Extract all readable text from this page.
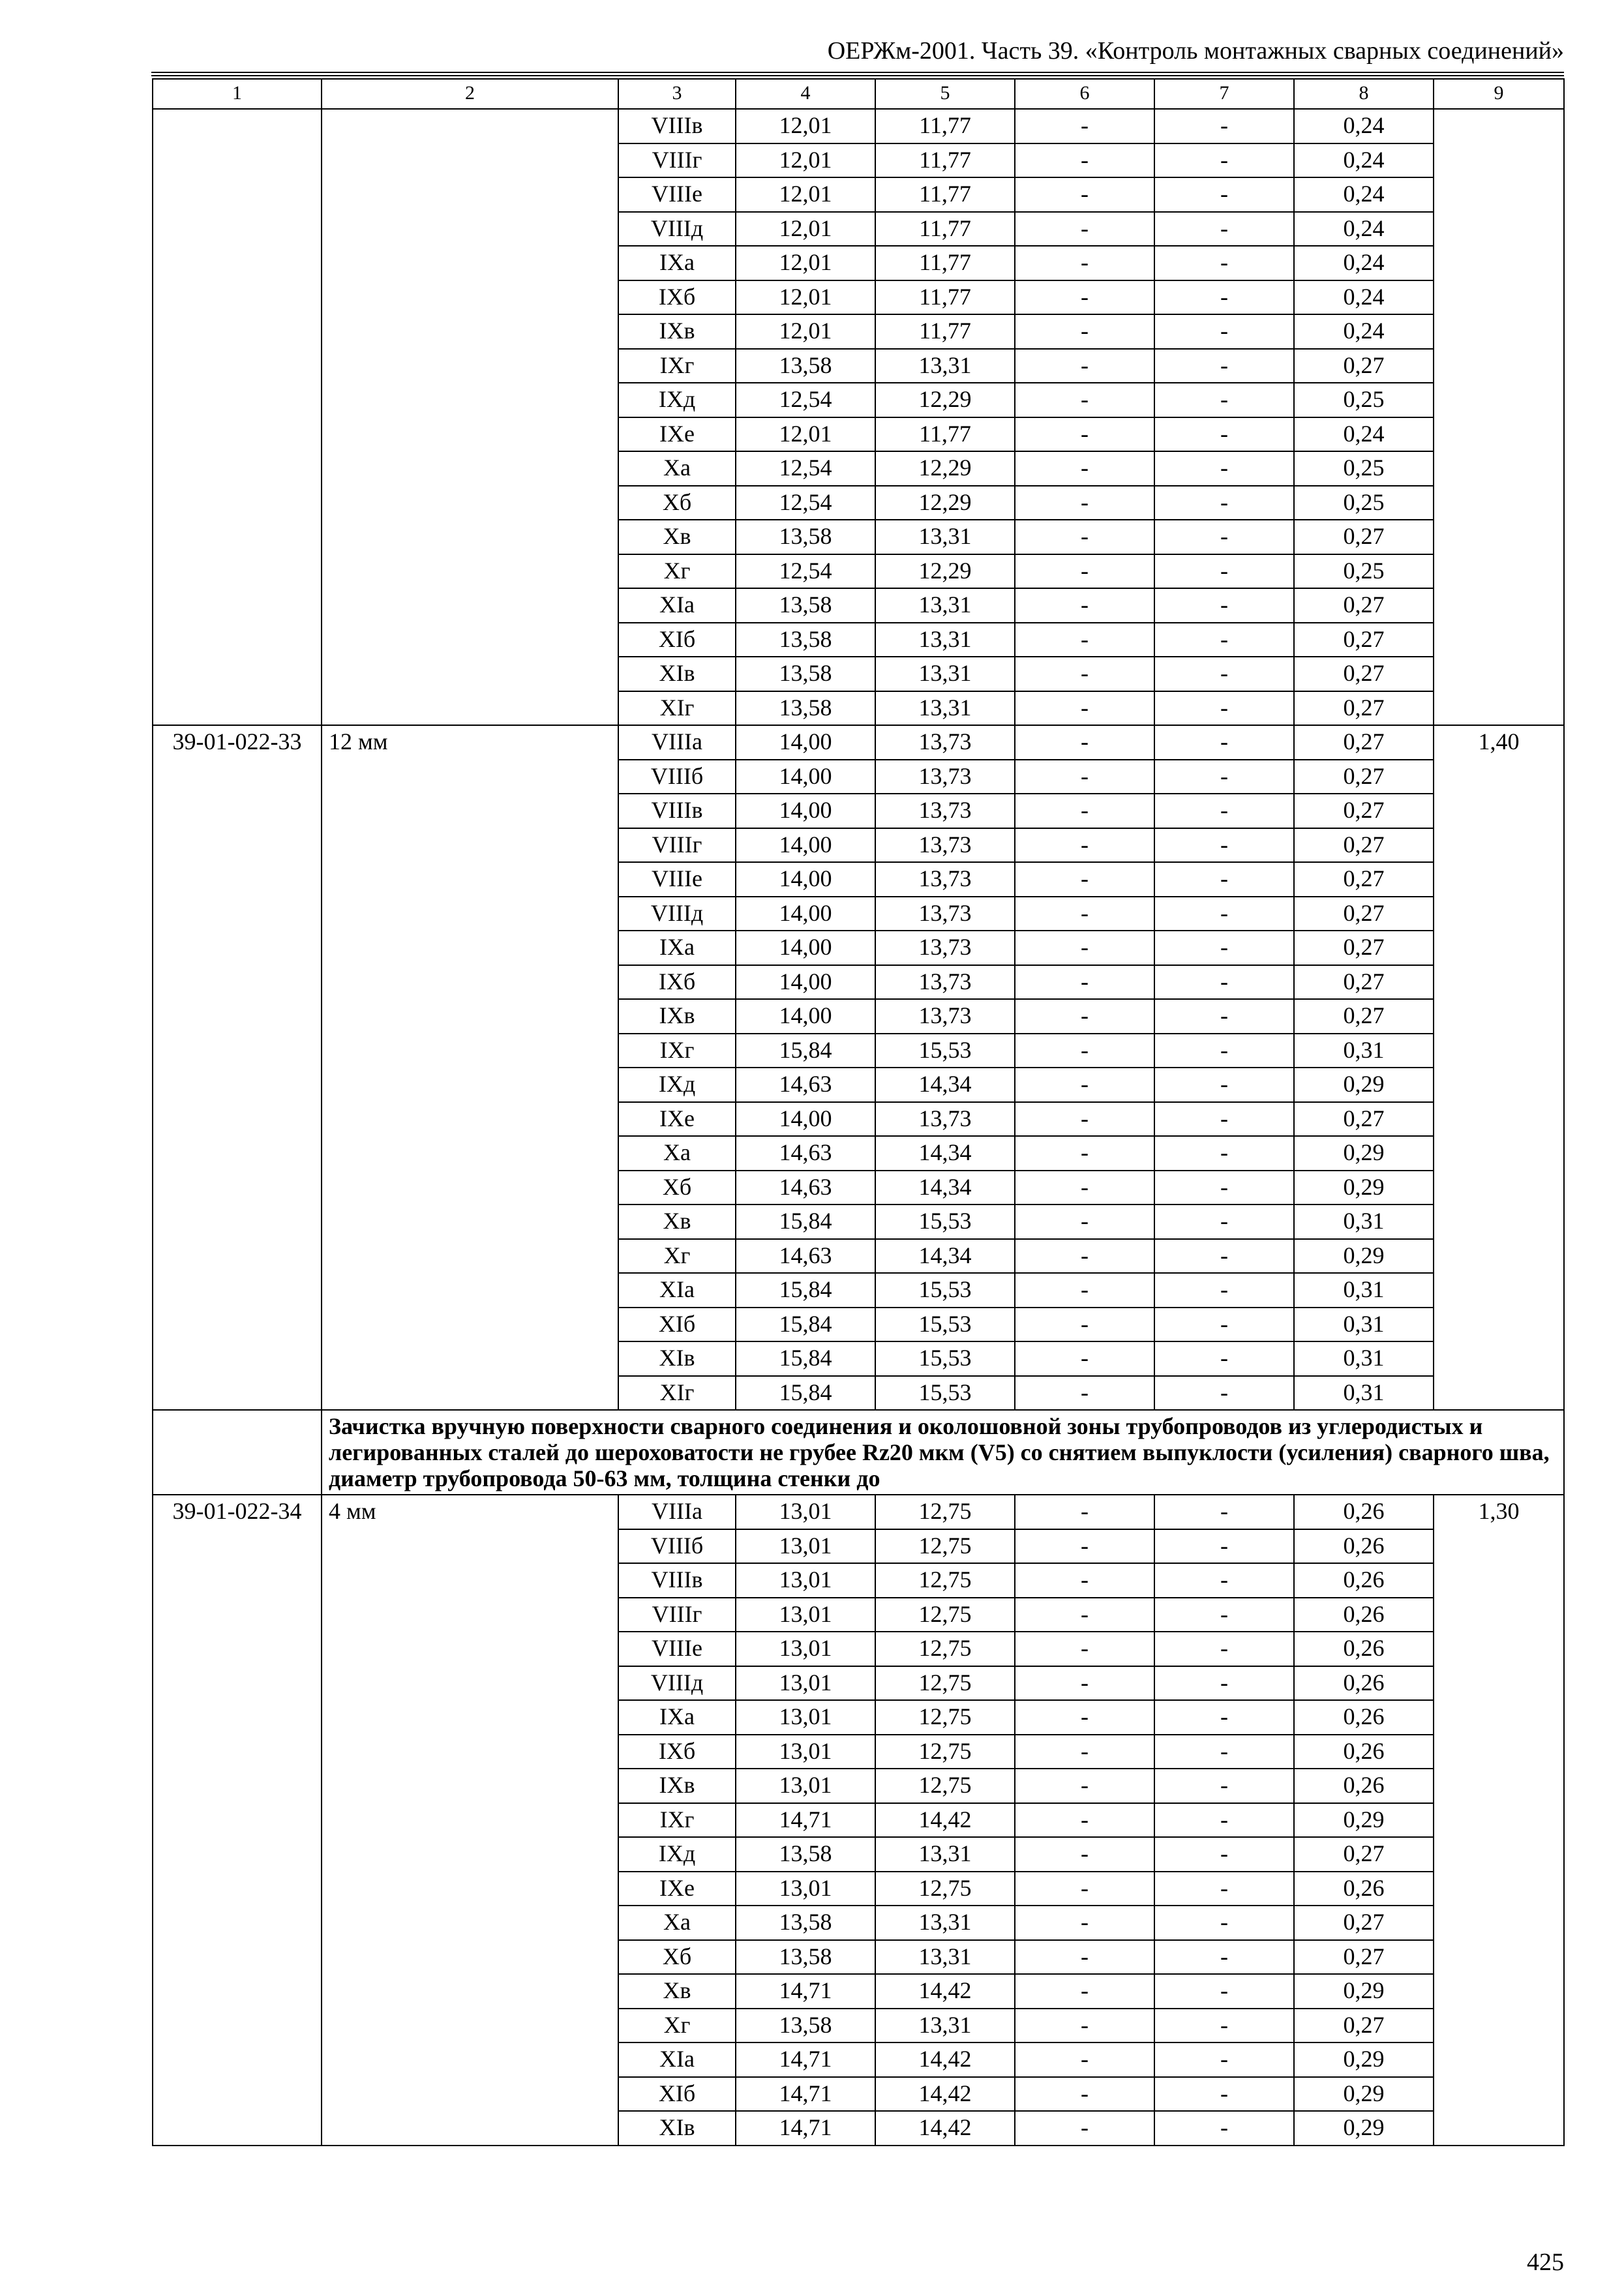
ОЕРЖм-2001. Часть 39. «Контроль монтажных сварных соединений»
1	2	3	4	5	6	7	8	9
		VIIIв	12,01	11,77	-	-	0,24	
		VIIIг	12,01	11,77	-	-	0,24	
		VIIIе	12,01	11,77	-	-	0,24	
		VIIIд	12,01	11,77	-	-	0,24	
		IXа	12,01	11,77	-	-	0,24	
		IXб	12,01	11,77	-	-	0,24	
		IXв	12,01	11,77	-	-	0,24	
		IXг	13,58	13,31	-	-	0,27	
		IXд	12,54	12,29	-	-	0,25	
		IXе	12,01	11,77	-	-	0,24	
		Xа	12,54	12,29	-	-	0,25	
		Xб	12,54	12,29	-	-	0,25	
		Xв	13,58	13,31	-	-	0,27	
		Xг	12,54	12,29	-	-	0,25	
		XIа	13,58	13,31	-	-	0,27	
		XIб	13,58	13,31	-	-	0,27	
		XIв	13,58	13,31	-	-	0,27	
		XIг	13,58	13,31	-	-	0,27	
39-01-022-33	12 мм	VIIIа	14,00	13,73	-	-	0,27	1,40
		VIIIб	14,00	13,73	-	-	0,27	
		VIIIв	14,00	13,73	-	-	0,27	
		VIIIг	14,00	13,73	-	-	0,27	
		VIIIе	14,00	13,73	-	-	0,27	
		VIIIд	14,00	13,73	-	-	0,27	
		IXа	14,00	13,73	-	-	0,27	
		IXб	14,00	13,73	-	-	0,27	
		IXв	14,00	13,73	-	-	0,27	
		IXг	15,84	15,53	-	-	0,31	
		IXд	14,63	14,34	-	-	0,29	
		IXе	14,00	13,73	-	-	0,27	
		Xа	14,63	14,34	-	-	0,29	
		Xб	14,63	14,34	-	-	0,29	
		Xв	15,84	15,53	-	-	0,31	
		Xг	14,63	14,34	-	-	0,29	
		XIа	15,84	15,53	-	-	0,31	
		XIб	15,84	15,53	-	-	0,31	
		XIв	15,84	15,53	-	-	0,31	
		XIг	15,84	15,53	-	-	0,31	
	Зачистка вручную поверхности сварного соединения и околошовной зоны трубопроводов из углеродистых и легированных сталей до шероховатости не грубее Rz20 мкм (V5) со снятием выпуклости (усиления) сварного шва, диаметр трубопровода 50-63 мм, толщина стенки до							
39-01-022-34	4 мм	VIIIа	13,01	12,75	-	-	0,26	1,30
		VIIIб	13,01	12,75	-	-	0,26	
		VIIIв	13,01	12,75	-	-	0,26	
		VIIIг	13,01	12,75	-	-	0,26	
		VIIIе	13,01	12,75	-	-	0,26	
		VIIIд	13,01	12,75	-	-	0,26	
		IXа	13,01	12,75	-	-	0,26	
		IXб	13,01	12,75	-	-	0,26	
		IXв	13,01	12,75	-	-	0,26	
		IXг	14,71	14,42	-	-	0,29	
		IXд	13,58	13,31	-	-	0,27	
		IXе	13,01	12,75	-	-	0,26	
		Xа	13,58	13,31	-	-	0,27	
		Xб	13,58	13,31	-	-	0,27	
		Xв	14,71	14,42	-	-	0,29	
		Xг	13,58	13,31	-	-	0,27	
		XIа	14,71	14,42	-	-	0,29	
		XIб	14,71	14,42	-	-	0,29	
		XIв	14,71	14,42	-	-	0,29	
425
